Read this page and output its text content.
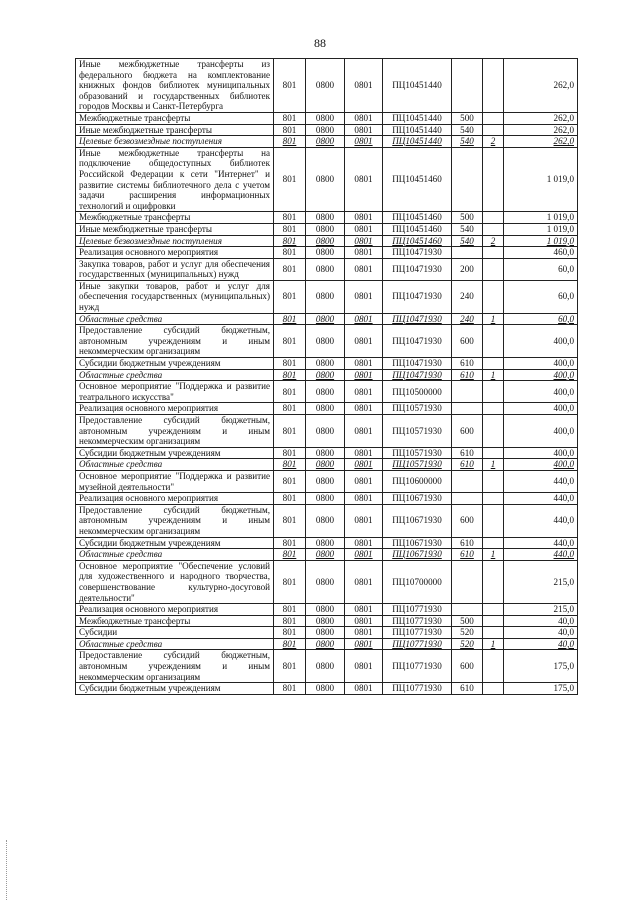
88
Иные межбюджетные трансферты из федерального бюджета на комплектование книжных фондов библиотек муниципальных образований и государственных библиотек городов Москвы и Санкт-Петербурга	801	0800	0801	ПЦ10451440			262,0
Межбюджетные трансферты	801	0800	0801	ПЦ10451440	500		262,0
Иные межбюджетные трансферты	801	0800	0801	ПЦ10451440	540		262,0
Целевые безвозмездные поступления	801	0800	0801	ПЦ10451440	540	2	262,0
Иные межбюджетные трансферты на подключение общедоступных библиотек Российской Федерации к сети "Интернет" и развитие системы библиотечного дела с учетом задачи расширения информационных технологий и оцифровки	801	0800	0801	ПЦ10451460			1 019,0
Межбюджетные трансферты	801	0800	0801	ПЦ10451460	500		1 019,0
Иные межбюджетные трансферты	801	0800	0801	ПЦ10451460	540		1 019,0
Целевые безвозмездные поступления	801	0800	0801	ПЦ10451460	540	2	1 019,0
Реализация основного мероприятия	801	0800	0801	ПЦ10471930			460,0
Закупка товаров, работ и услуг для обеспечения государственных (муниципальных) нужд	801	0800	0801	ПЦ10471930	200		60,0
Иные закупки товаров, работ и услуг для обеспечения государственных (муниципальных) нужд	801	0800	0801	ПЦ10471930	240		60,0
Областные средства	801	0800	0801	ПЦ10471930	240	1	60,0
Предоставление субсидий бюджетным, автономным учреждениям и иным некоммерческим организациям	801	0800	0801	ПЦ10471930	600		400,0
Субсидии бюджетным учреждениям	801	0800	0801	ПЦ10471930	610		400,0
Областные средства	801	0800	0801	ПЦ10471930	610	1	400,0
Основное мероприятие "Поддержка и развитие театрального искусства"	801	0800	0801	ПЦ10500000			400,0
Реализация основного мероприятия	801	0800	0801	ПЦ10571930			400,0
Предоставление субсидий бюджетным, автономным учреждениям и иным некоммерческим организациям	801	0800	0801	ПЦ10571930	600		400,0
Субсидии бюджетным учреждениям	801	0800	0801	ПЦ10571930	610		400,0
Областные средства	801	0800	0801	ПЦ10571930	610	1	400,0
Основное мероприятие "Поддержка и развитие музейной деятельности"	801	0800	0801	ПЦ10600000			440,0
Реализация основного мероприятия	801	0800	0801	ПЦ10671930			440,0
Предоставление субсидий бюджетным, автономным учреждениям и иным некоммерческим организациям	801	0800	0801	ПЦ10671930	600		440,0
Субсидии бюджетным учреждениям	801	0800	0801	ПЦ10671930	610		440,0
Областные средства	801	0800	0801	ПЦ10671930	610	1	440,0
Основное мероприятие "Обеспечение условий для художественного и народного творчества, совершенствование культурно-досуговой деятельности"	801	0800	0801	ПЦ10700000			215,0
Реализация основного мероприятия	801	0800	0801	ПЦ10771930			215,0
Межбюджетные трансферты	801	0800	0801	ПЦ10771930	500		40,0
Субсидии	801	0800	0801	ПЦ10771930	520		40,0
Областные средства	801	0800	0801	ПЦ10771930	520	1	40,0
Предоставление субсидий бюджетным, автономным учреждениям и иным некоммерческим организациям	801	0800	0801	ПЦ10771930	600		175,0
Субсидии бюджетным учреждениям	801	0800	0801	ПЦ10771930	610		175,0
